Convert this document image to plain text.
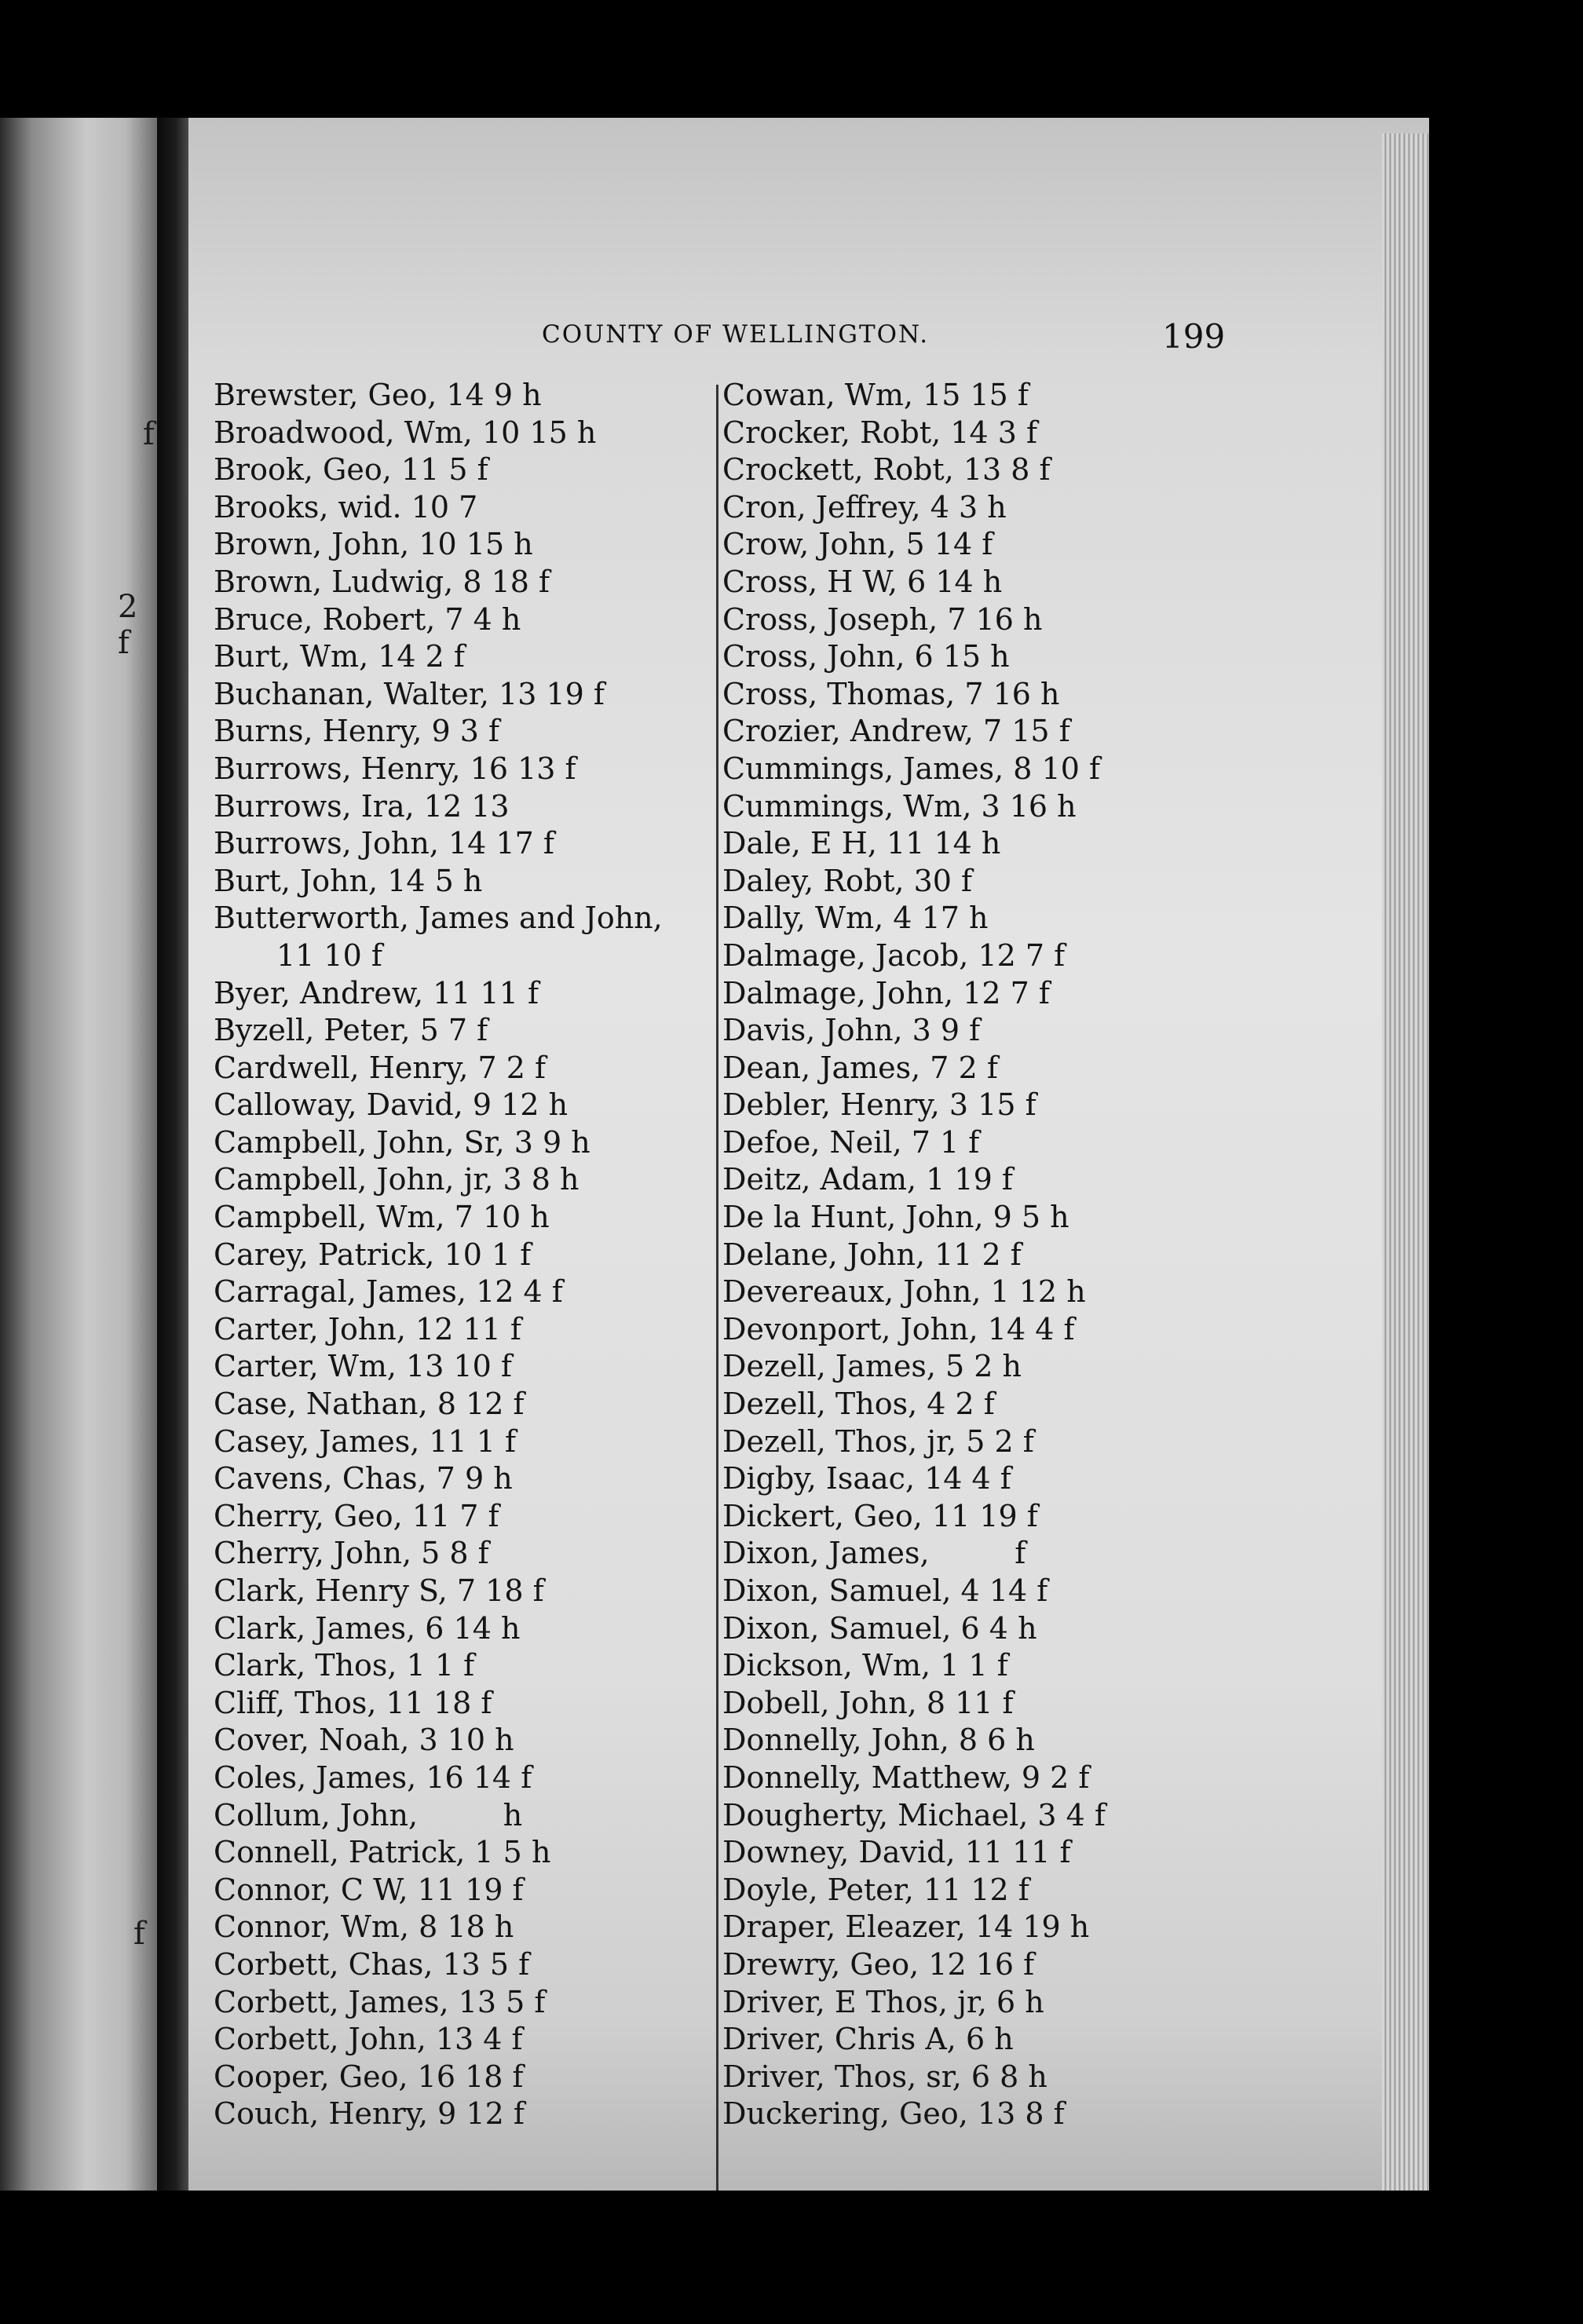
f
2 f
f
COUNTY OF WELLINGTON.	199
Brewster, Geo, 14 9 h
Broadwood, Wm, 10 15 h
Brook, Geo, 11 5 f
Brooks, wid. 10 7
Brown, John, 10 15 h
Brown, Ludwig, 8 18 f
Bruce, Robert, 7 4 h
Burt, Wm, 14 2 f
Buchanan, Walter, 13 19 f
Burns, Henry, 9 3 f
Burrows, Henry, 16 13 f
Burrows, Ira, 12 13
Burrows, John, 14 17 f
Burt, John, 14 5 h
Butterworth, James and John,
11 10 f
Byer, Andrew, 11 11 f
Byzell, Peter, 5 7 f
Cardwell, Henry, 7 2 f
Calloway, David, 9 12 h
Campbell, John, Sr, 3 9 h
Campbell, John, jr, 3 8 h
Campbell, Wm, 7 10 h
Carey, Patrick, 10 1 f
Carragal, James, 12 4 f
Carter, John, 12 11 f
Carter, Wm, 13 10 f
Case, Nathan, 8 12 f
Casey, James, 11 1 f
Cavens, Chas, 7 9 h
Cherry, Geo, 11 7 f
Cherry, John, 5 8 f
Clark, Henry S, 7 18 f
Clark, James, 6 14 h
Clark, Thos, 1 1 f
Cliff, Thos, 11 18 f
Cover, Noah, 3 10 h
Coles, James, 16 14 f
Collum, John,         h
Connell, Patrick, 1 5 h
Connor, C W, 11 19 f
Connor, Wm, 8 18 h
Corbett, Chas, 13 5 f
Corbett, James, 13 5 f
Corbett, John, 13 4 f
Cooper, Geo, 16 18 f
Couch, Henry, 9 12 f
Cowan, Wm, 15 15 f
Crocker, Robt, 14 3 f
Crockett, Robt, 13 8 f
Cron, Jeffrey, 4 3 h
Crow, John, 5 14 f
Cross, H W, 6 14 h
Cross, Joseph, 7 16 h
Cross, John, 6 15 h
Cross, Thomas, 7 16 h
Crozier, Andrew, 7 15 f
Cummings, James, 8 10 f
Cummings, Wm, 3 16 h
Dale, E H, 11 14 h
Daley, Robt, 30 f
Dally, Wm, 4 17 h
Dalmage, Jacob, 12 7 f
Dalmage, John, 12 7 f
Davis, John, 3 9 f
Dean, James, 7 2 f
Debler, Henry, 3 15 f
Defoe, Neil, 7 1 f
Deitz, Adam, 1 19 f
De la Hunt, John, 9 5 h
Delane, John, 11 2 f
Devereaux, John, 1 12 h
Devonport, John, 14 4 f
Dezell, James, 5 2 h
Dezell, Thos, 4 2 f
Dezell, Thos, jr, 5 2 f
Digby, Isaac, 14 4 f
Dickert, Geo, 11 19 f
Dixon, James,         f
Dixon, Samuel, 4 14 f
Dixon, Samuel, 6 4 h
Dickson, Wm, 1 1 f
Dobell, John, 8 11 f
Donnelly, John, 8 6 h
Donnelly, Matthew, 9 2 f
Dougherty, Michael, 3 4 f
Downey, David, 11 11 f
Doyle, Peter, 11 12 f
Draper, Eleazer, 14 19 h
Drewry, Geo, 12 16 f
Driver, E Thos, jr, 6 h
Driver, Chris A, 6 h
Driver, Thos, sr, 6 8 h
Duckering, Geo, 13 8 f
